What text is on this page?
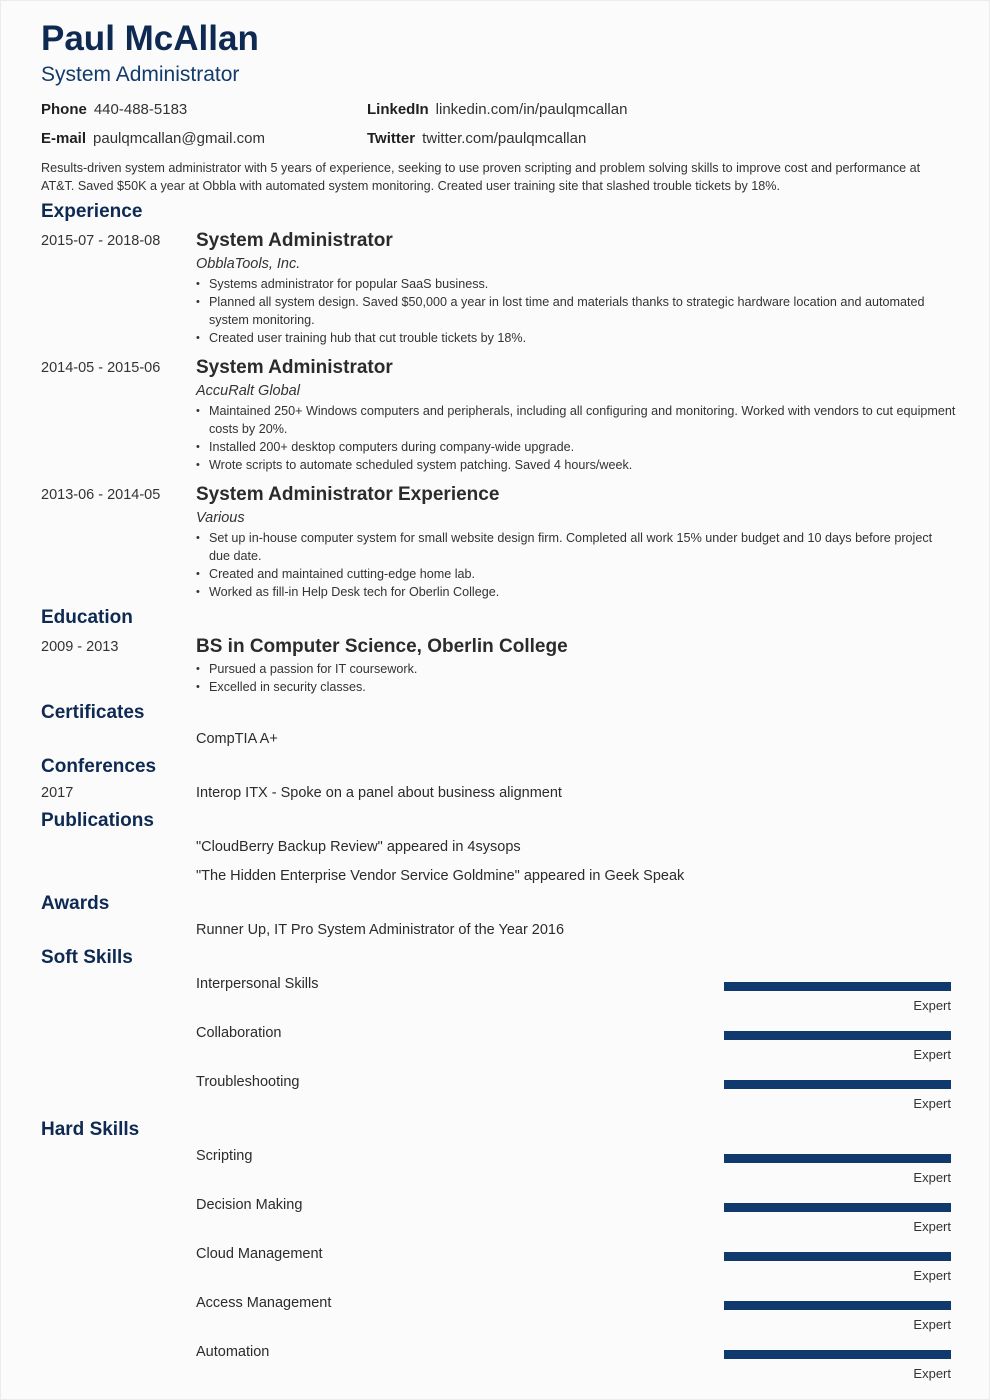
Paul McAllan
System Administrator
Phone 440-488-5183	LinkedIn linkedin.com/in/paulqmcallan
E-mail paulqmcallan@gmail.com	Twitter twitter.com/paulqmcallan
Results-driven system administrator with 5 years of experience, seeking to use proven scripting and problem solving skills to improve cost and performance at AT&T. Saved $50K a year at Obbla with automated system monitoring. Created user training site that slashed trouble tickets by 18%.
Experience
2015-07 - 2018-08 System Administrator
ObblaTools, Inc.
• Systems administrator for popular SaaS business.
• Planned all system design. Saved $50,000 a year in lost time and materials thanks to strategic hardware location and automated system monitoring.
• Created user training hub that cut trouble tickets by 18%.
2014-05 - 2015-06 System Administrator
AccuRalt Global
• Maintained 250+ Windows computers and peripherals, including all configuring and monitoring. Worked with vendors to cut equipment costs by 20%.
• Installed 200+ desktop computers during company-wide upgrade.
• Wrote scripts to automate scheduled system patching. Saved 4 hours/week.
2013-06 - 2014-05 System Administrator Experience
Various
• Set up in-house computer system for small website design firm. Completed all work 15% under budget and 10 days before project due date.
• Created and maintained cutting-edge home lab.
• Worked as fill-in Help Desk tech for Oberlin College.
Education
2009 - 2013	BS in Computer Science, Oberlin College
• Pursued a passion for IT coursework.
• Excelled in security classes.
Certificates
CompTIA A+
Conferences
2017	Interop ITX - Spoke on a panel about business alignment
Publications
"CloudBerry Backup Review" appeared in 4sysops
"The Hidden Enterprise Vendor Service Goldmine" appeared in Geek Speak
Awards
Runner Up, IT Pro System Administrator of the Year 2016
Soft Skills
Interpersonal Skills
Expert
Collaboration
Expert
Troubleshooting
Expert
Hard Skills
Scripting
Expert
Decision Making
Expert
Cloud Management
Expert
Access Management
Expert
Automation
Expert
